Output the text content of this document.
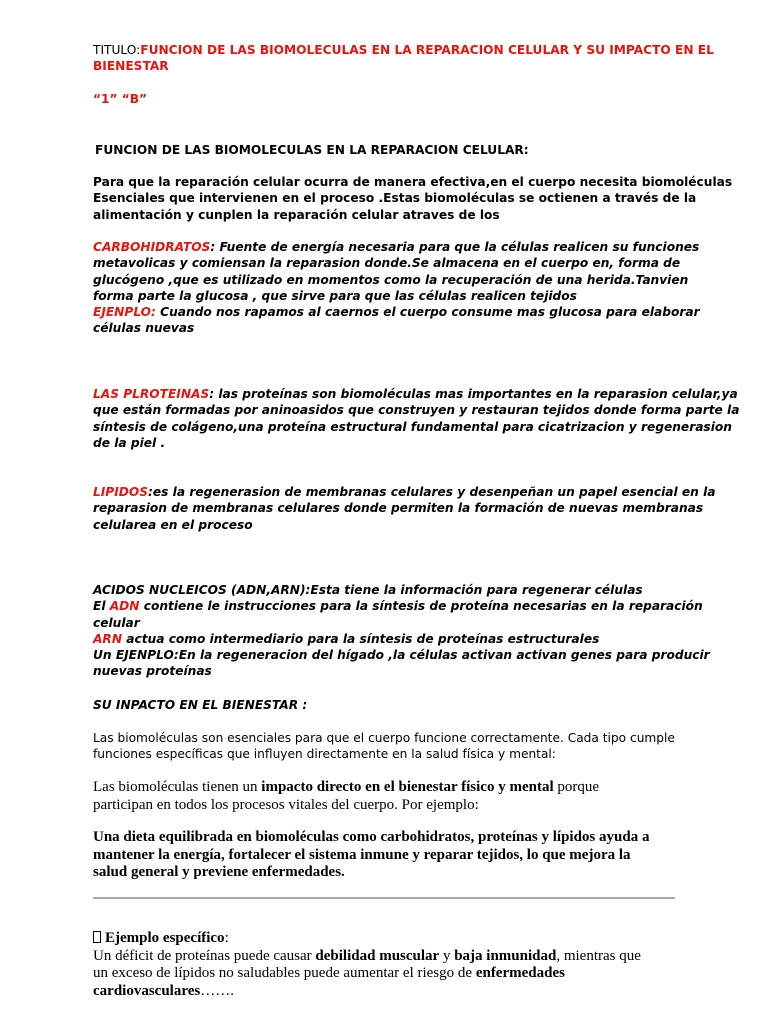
TITULO:FUNCION DE LAS BIOMOLECULAS EN LA REPARACION CELULAR Y SU IMPACTO EN EL
BIENESTAR
“1” “B”
FUNCION DE LAS BIOMOLECULAS EN LA REPARACION CELULAR:
Para que la reparación celular ocurra de manera efectiva,en el cuerpo necesita biomoléculas
Esenciales que intervienen en el proceso .Estas biomoléculas se octienen a través de la
alimentación y cunplen la reparación celular atraves de los
CARBOHIDRATOS: Fuente de energía necesaria para que la células realicen su funciones
metavolicas y comiensan la reparasion donde.Se almacena en el cuerpo en, forma de
glucógeno ,que es utilizado en momentos como la recuperación de una herida.Tanvien
forma parte la glucosa , que sirve para que las células realicen tejidos
EJENPLO: Cuando nos rapamos al caernos el cuerpo consume mas glucosa para elaborar
células nuevas
LAS PLROTEINAS: las proteínas son biomoléculas mas importantes en la reparasion celular,ya
que están formadas por aninoasidos que construyen y restauran tejidos donde forma parte la
síntesis de colágeno,una proteína estructural fundamental para cicatrizacion y regenerasion
de la piel .
LIPIDOS:es la regenerasion de membranas celulares y desenpeñan un papel esencial en la
reparasion de membranas celulares donde permiten la formación de nuevas membranas
celularea en el proceso
ACIDOS NUCLEICOS (ADN,ARN):Esta tiene la información para regenerar células
El ADN contiene le instrucciones para la síntesis de proteína necesarias en la reparación
celular
ARN actua como intermediario para la síntesis de proteínas estructurales
Un EJENPLO:En la regeneracion del hígado ,la células activan activan genes para producir
nuevas proteínas
SU INPACTO EN EL BIENESTAR :
Las biomoléculas son esenciales para que el cuerpo funcione correctamente. Cada tipo cumple
funciones específicas que influyen directamente en la salud física y mental:
Las biomoléculas tienen un impacto directo en el bienestar físico y mental porque
participan en todos los procesos vitales del cuerpo. Por ejemplo:
Una dieta equilibrada en biomoléculas como carbohidratos, proteínas y lípidos ayuda a
mantener la energía, fortalecer el sistema inmune y reparar tejidos, lo que mejora la
salud general y previene enfermedades.
Ejemplo específico:
Un déficit de proteínas puede causar debilidad muscular y baja inmunidad, mientras que
un exceso de lípidos no saludables puede aumentar el riesgo de enfermedades
cardiovasculares…….
